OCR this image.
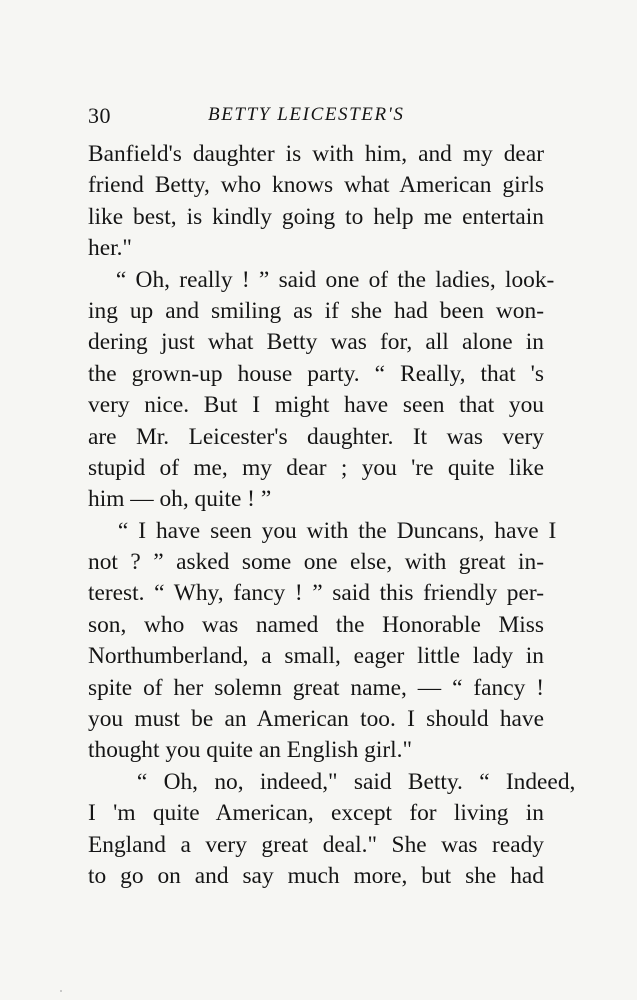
30	BETTY LEICESTER'S
Banfield's daughter is with him, and my dear
friend Betty, who knows what American girls
like best, is kindly going to help me entertain
her."
“ Oh, really ! ” said one of the ladies, look-
ing up and smiling as if she had been won-
dering just what Betty was for, all alone in
the grown-up house party. “ Really, that 's
very nice. But I might have seen that you
are Mr. Leicester's daughter. It was very
stupid of me, my dear ; you 're quite like
him — oh, quite ! ”
“ I have seen you with the Duncans, have I
not ? ” asked some one else, with great in-
terest. “ Why, fancy ! ” said this friendly per-
son, who was named the Honorable Miss
Northumberland, a small, eager little lady in
spite of her solemn great name, — “ fancy !
you must be an American too. I should have
thought you quite an English girl."
“ Oh, no, indeed," said Betty. “ Indeed,
I 'm quite American, except for living in
England a very great deal." She was ready
to go on and say much more, but she had
